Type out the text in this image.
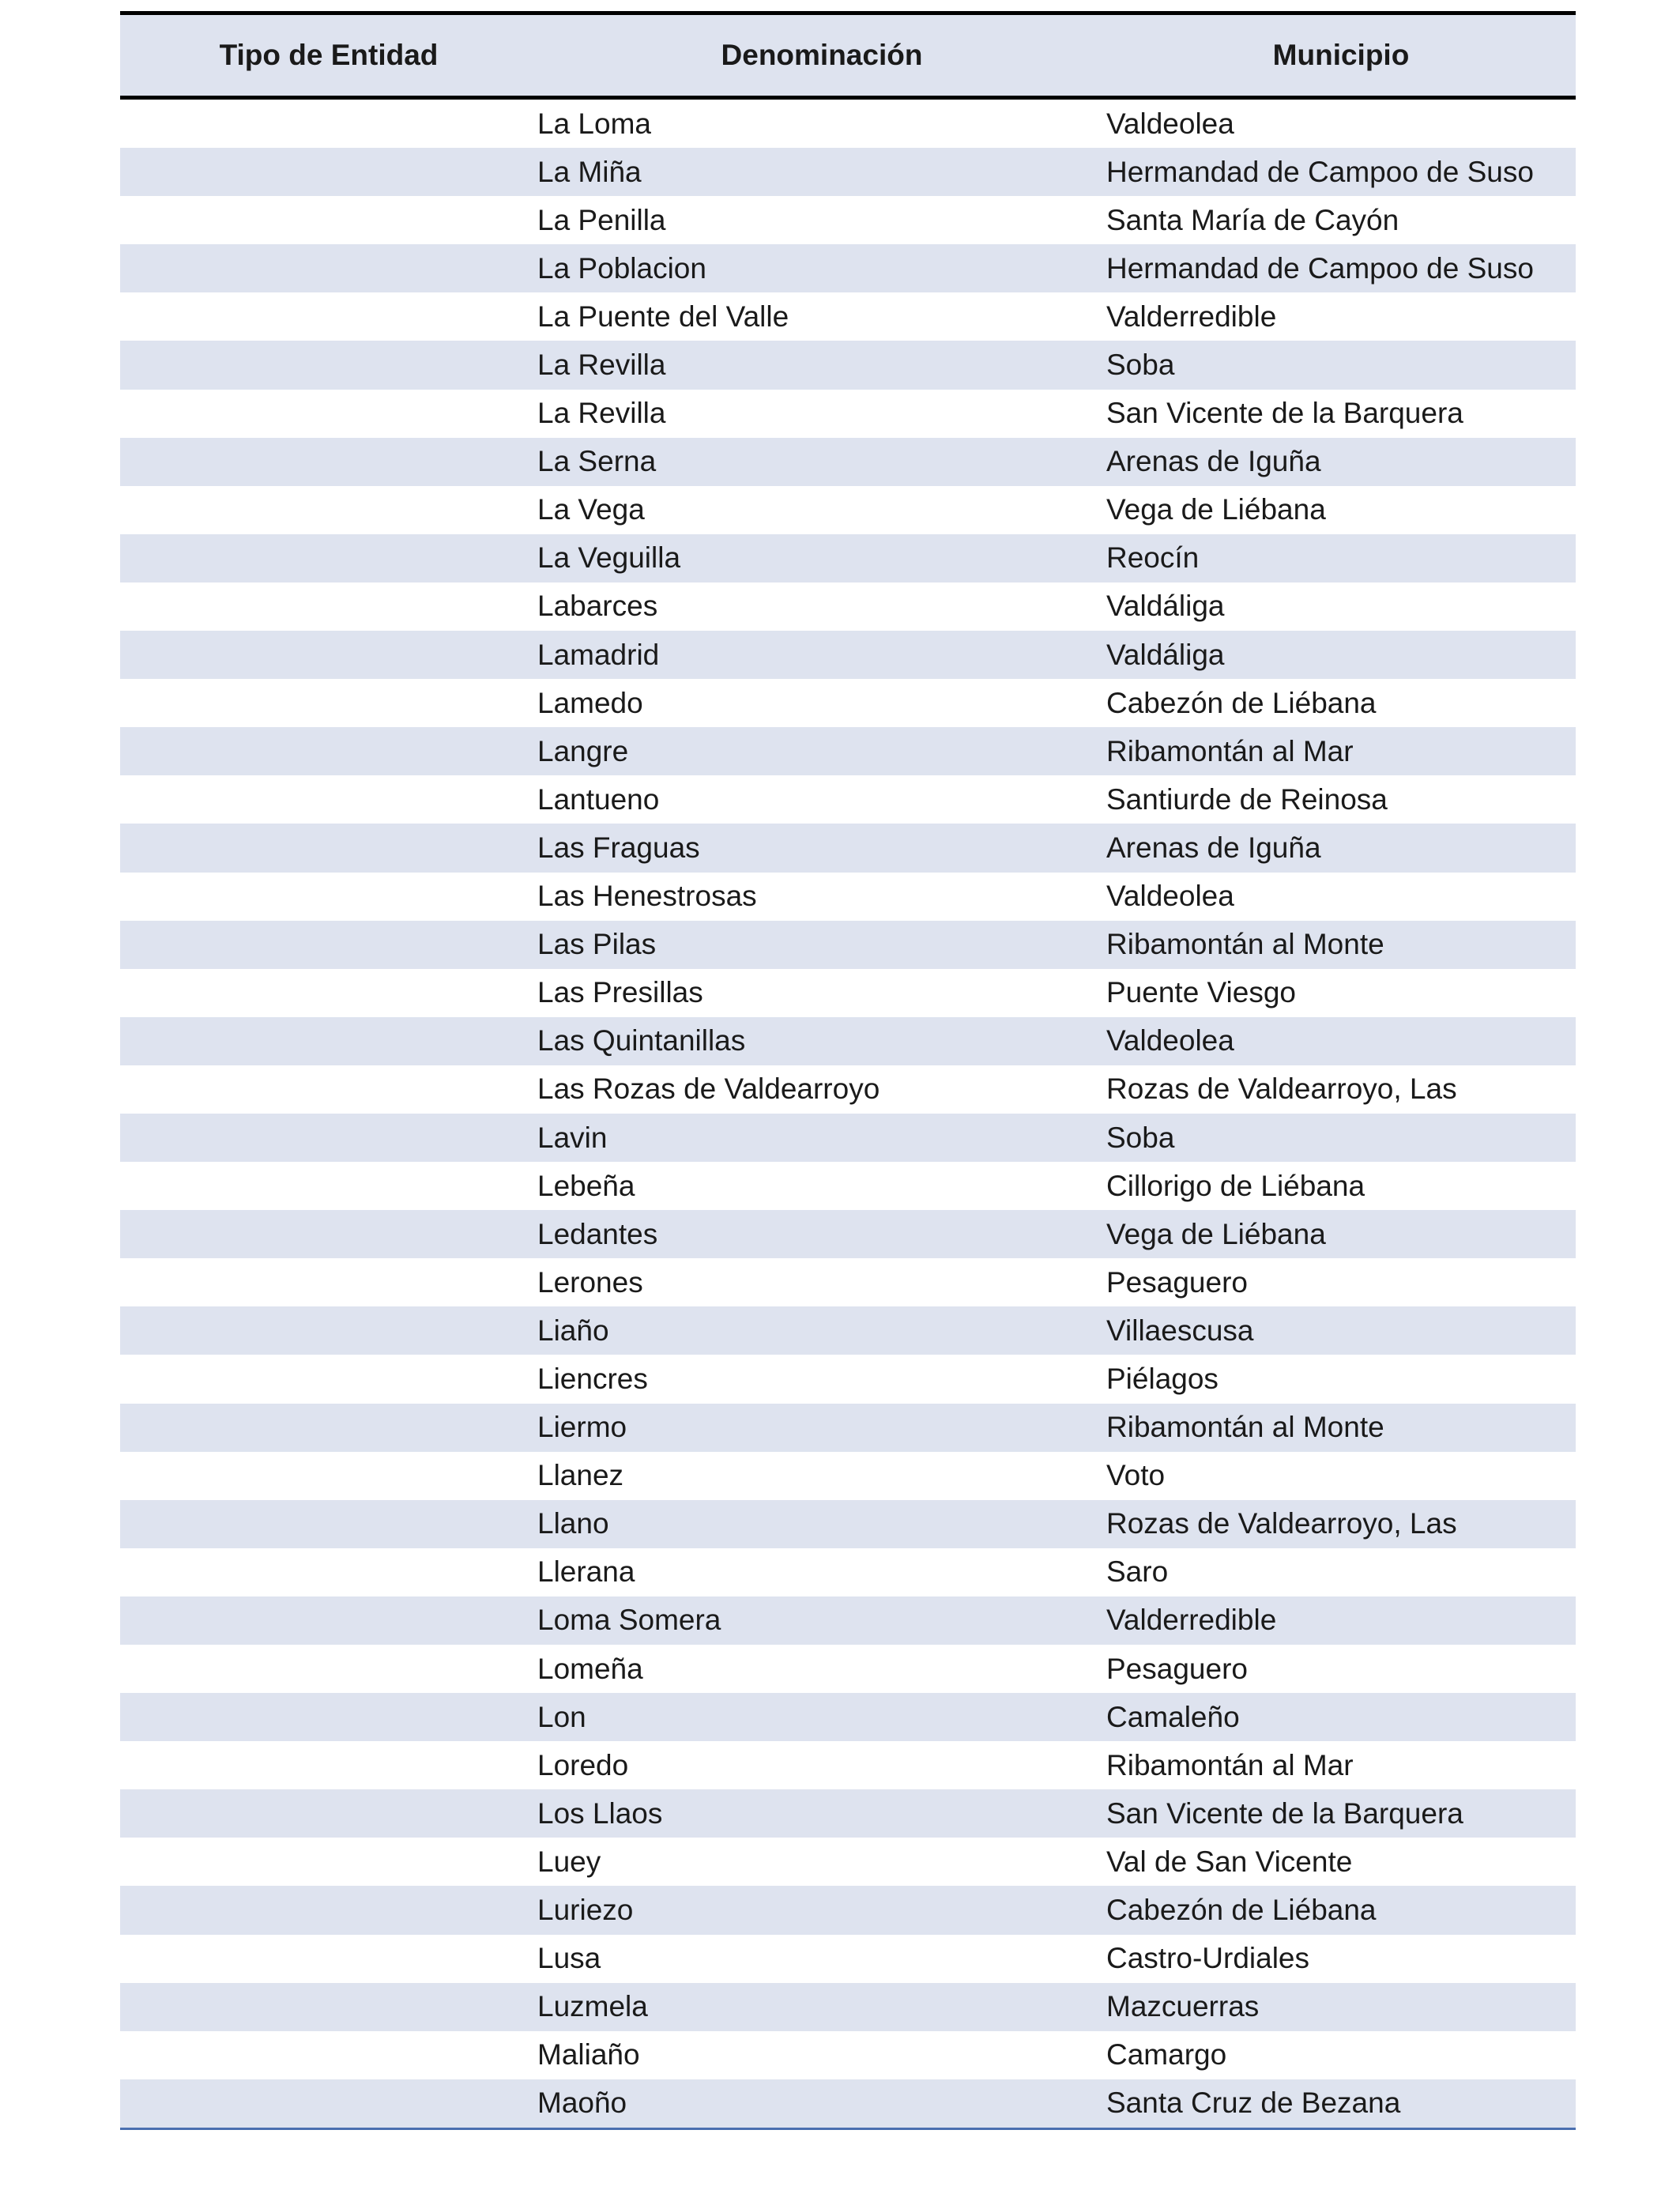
Tipo de Entidad	Denominación	Municipio
	La Loma	Valdeolea
	La Miña	Hermandad de Campoo de Suso
	La Penilla	Santa María de Cayón
	La Poblacion	Hermandad de Campoo de Suso
	La Puente del Valle	Valderredible
	La Revilla	Soba
	La Revilla	San Vicente de la Barquera
	La Serna	Arenas de Iguña
	La Vega	Vega de Liébana
	La Veguilla	Reocín
	Labarces	Valdáliga
	Lamadrid	Valdáliga
	Lamedo	Cabezón de Liébana
	Langre	Ribamontán al Mar
	Lantueno	Santiurde de Reinosa
	Las Fraguas	Arenas de Iguña
	Las Henestrosas	Valdeolea
	Las Pilas	Ribamontán al Monte
	Las Presillas	Puente Viesgo
	Las Quintanillas	Valdeolea
	Las Rozas de Valdearroyo	Rozas de Valdearroyo, Las
	Lavin	Soba
	Lebeña	Cillorigo de Liébana
	Ledantes	Vega de Liébana
	Lerones	Pesaguero
	Liaño	Villaescusa
	Liencres	Piélagos
	Liermo	Ribamontán al Monte
	Llanez	Voto
	Llano	Rozas de Valdearroyo, Las
	Llerana	Saro
	Loma Somera	Valderredible
	Lomeña	Pesaguero
	Lon	Camaleño
	Loredo	Ribamontán al Mar
	Los Llaos	San Vicente de la Barquera
	Luey	Val de San Vicente
	Luriezo	Cabezón de Liébana
	Lusa	Castro-Urdiales
	Luzmela	Mazcuerras
	Maliaño	Camargo
	Maoño	Santa Cruz de Bezana
